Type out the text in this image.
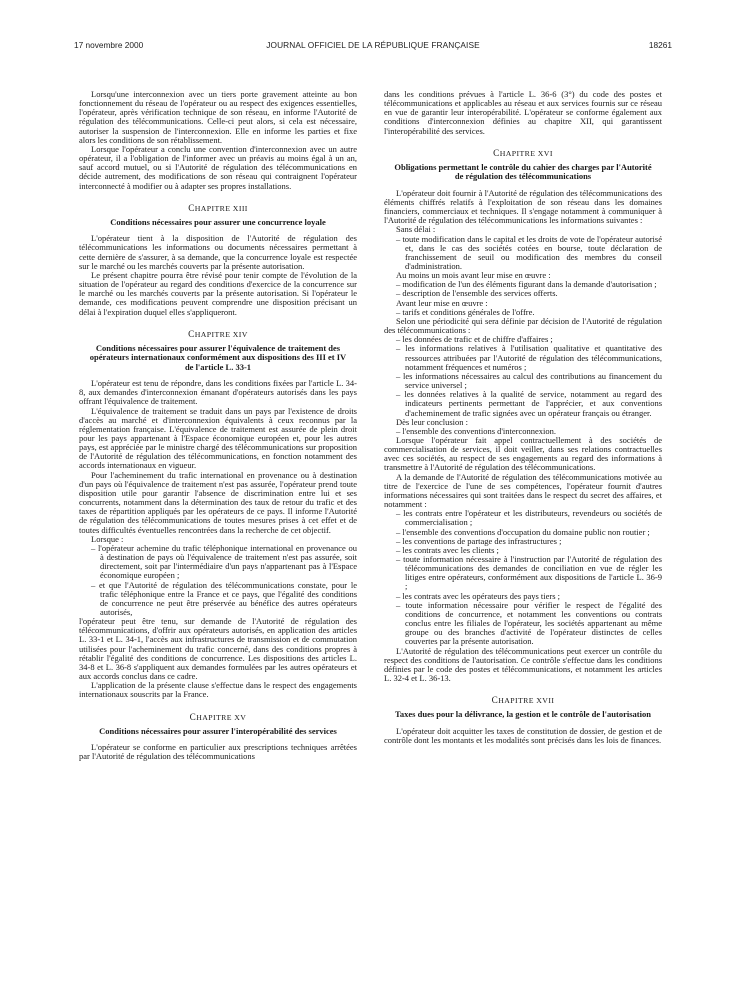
17 novembre 2000	JOURNAL OFFICIEL DE LA RÉPUBLIQUE FRANÇAISE	18261

Lorsqu'une interconnexion avec un tiers porte gravement atteinte au bon fonctionnement du réseau de l'opérateur ou au respect des exigences essentielles, l'opérateur, après vérification technique de son réseau, en informe l'Autorité de régulation des télécommunications. Celle-ci peut alors, si cela est nécessaire, autoriser la suspension de l'interconnexion. Elle en informe les parties et fixe alors les conditions de son rétablissement.

Lorsque l'opérateur a conclu une convention d'interconnexion avec un autre opérateur, il a l'obligation de l'informer avec un préavis au moins égal à un an, sauf accord mutuel, ou si l'Autorité de régulation des télécommunications en décide autrement, des modifications de son réseau qui contraignent l'opérateur interconnecté à modifier ou à adapter ses propres installations.

CHAPITRE XIII
Conditions nécessaires pour assurer une concurrence loyale

L'opérateur tient à la disposition de l'Autorité de régulation des télécommunications les informations ou documents nécessaires permettant à cette dernière de s'assurer, à sa demande, que la concurrence loyale est respectée sur le marché ou les marchés couverts par la présente autorisation.

Le présent chapitre pourra être révisé pour tenir compte de l'évolution de la situation de l'opérateur au regard des conditions d'exercice de la concurrence sur le marché ou les marchés couverts par la présente autorisation. Si l'opérateur le demande, ces modifications peuvent comprendre une disposition précisant un délai à l'expiration duquel elles s'appliqueront.

CHAPITRE XIV
Conditions nécessaires pour assurer l'équivalence de traitement des opérateurs internationaux conformément aux dispositions des III et IV de l'article L. 33-1

L'opérateur est tenu de répondre, dans les conditions fixées par l'article L. 34-8, aux demandes d'interconnexion émanant d'opérateurs autorisés dans les pays offrant l'équivalence de traitement.

L'équivalence de traitement se traduit dans un pays par l'existence de droits d'accès au marché et d'interconnexion équivalents à ceux reconnus par la réglementation française. L'équivalence de traitement est assurée de plein droit pour les pays appartenant à l'Espace économique européen et, pour les autres pays, est appréciée par le ministre chargé des télécommunications sur proposition de l'Autorité de régulation des télécommunications, en fonction notamment des accords internationaux en vigueur.

Pour l'acheminement du trafic international en provenance ou à destination d'un pays où l'équivalence de traitement n'est pas assurée, l'opérateur prend toute disposition utile pour garantir l'absence de discrimination entre lui et ses concurrents, notamment dans la détermination des taux de retour du trafic et des taxes de répartition appliqués par les opérateurs de ce pays. Il informe l'Autorité de régulation des télécommunications de toutes mesures prises à cet effet et de toutes difficultés éventuelles rencontrées dans la recherche de cet objectif.

Lorsque :

– l'opérateur achemine du trafic téléphonique international en provenance ou à destination de pays où l'équivalence de traitement n'est pas assurée, soit directement, soit par l'intermédiaire d'un pays n'appartenant pas à l'Espace économique européen ;

– et que l'Autorité de régulation des télécommunications constate, pour le trafic téléphonique entre la France et ce pays, que l'égalité des conditions de concurrence ne peut être préservée au bénéfice des autres opérateurs autorisés,

l'opérateur peut être tenu, sur demande de l'Autorité de régulation des télécommunications, d'offrir aux opérateurs autorisés, en application des articles L. 33-1 et L. 34-1, l'accès aux infrastructures de transmission et de commutation utilisées pour l'acheminement du trafic concerné, dans des conditions propres à rétablir l'égalité des conditions de concurrence. Les dispositions des articles L. 34-8 et L. 36-8 s'appliquent aux demandes formulées par les autres opérateurs et aux accords conclus dans ce cadre.

L'application de la présente clause s'effectue dans le respect des engagements internationaux souscrits par la France.

CHAPITRE XV
Conditions nécessaires pour assurer l'interopérabilité des services

L'opérateur se conforme en particulier aux prescriptions techniques arrêtées par l'Autorité de régulation des télécommunications

dans les conditions prévues à l'article L. 36-6 (3°) du code des postes et télécommunications et applicables au réseau et aux services fournis sur ce réseau en vue de garantir leur interopérabilité. L'opérateur se conforme également aux conditions d'interconnexion définies au chapitre XII, qui garantissent l'interopérabilité des services.

CHAPITRE XVI
Obligations permettant le contrôle du cahier des charges par l'Autorité de régulation des télécommunications

L'opérateur doit fournir à l'Autorité de régulation des télécommunications des éléments chiffrés relatifs à l'exploitation de son réseau dans les domaines financiers, commerciaux et techniques. Il s'engage notamment à communiquer à l'Autorité de régulation des télécommunications les informations suivantes :

Sans délai :

– toute modification dans le capital et les droits de vote de l'opérateur autorisé et, dans le cas des sociétés cotées en bourse, toute déclaration de franchissement de seuil ou modification des membres du conseil d'administration.

Au moins un mois avant leur mise en œuvre :

– modification de l'un des éléments figurant dans la demande d'autorisation ;

– description de l'ensemble des services offerts.

Avant leur mise en œuvre :

– tarifs et conditions générales de l'offre.

Selon une périodicité qui sera définie par décision de l'Autorité de régulation des télécommunications :

– les données de trafic et de chiffre d'affaires ;

– les informations relatives à l'utilisation qualitative et quantitative des ressources attribuées par l'Autorité de régulation des télécommunications, notamment fréquences et numéros ;

– les informations nécessaires au calcul des contributions au financement du service universel ;

– les données relatives à la qualité de service, notamment au regard des indicateurs pertinents permettant de l'apprécier, et aux conventions d'acheminement de trafic signées avec un opérateur français ou étranger.

Dès leur conclusion :

– l'ensemble des conventions d'interconnexion.

Lorsque l'opérateur fait appel contractuellement à des sociétés de commercialisation de services, il doit veiller, dans ses relations contractuelles avec ces sociétés, au respect de ses engagements au regard des informations à transmettre à l'Autorité de régulation des télécommunications.

A la demande de l'Autorité de régulation des télécommunications motivée au titre de l'exercice de l'une de ses compétences, l'opérateur fournit d'autres informations nécessaires qui sont traitées dans le respect du secret des affaires, et notamment :

– les contrats entre l'opérateur et les distributeurs, revendeurs ou sociétés de commercialisation ;

– l'ensemble des conventions d'occupation du domaine public non routier ;

– les conventions de partage des infrastructures ;

– les contrats avec les clients ;

– toute information nécessaire à l'instruction par l'Autorité de régulation des télécommunications des demandes de conciliation en vue de régler les litiges entre opérateurs, conformément aux dispositions de l'article L. 36-9 ;

– les contrats avec les opérateurs des pays tiers ;

– toute information nécessaire pour vérifier le respect de l'égalité des conditions de concurrence, et notamment les conventions ou contrats conclus entre les filiales de l'opérateur, les sociétés appartenant au même groupe ou des branches d'activité de l'opérateur distinctes de celles couvertes par la présente autorisation.

L'Autorité de régulation des télécommunications peut exercer un contrôle du respect des conditions de l'autorisation. Ce contrôle s'effectue dans les conditions définies par le code des postes et télécommunications, et notamment les articles L. 32-4 et L. 36-13.

CHAPITRE XVII
Taxes dues pour la délivrance, la gestion et le contrôle de l'autorisation

L'opérateur doit acquitter les taxes de constitution de dossier, de gestion et de contrôle dont les montants et les modalités sont précisés dans les lois de finances.
